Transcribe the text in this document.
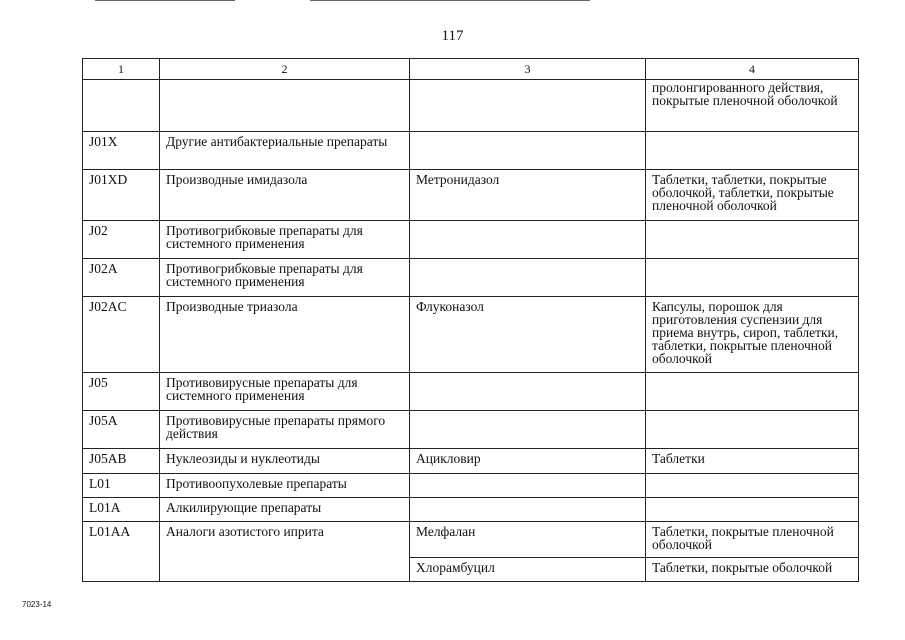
117
1	2	3	4
			пролонгированного действия, покрытые пленочной оболочкой
J01X	Другие антибактериальные препараты		
J01XD	Производные имидазола	Метронидазол	Таблетки, таблетки, покрытые оболочкой, таблетки, покрытые пленочной оболочкой
J02	Противогрибковые препараты для системного применения		
J02A	Противогрибковые препараты для системного применения		
J02AC	Производные триазола	Флуконазол	Капсулы, порошок для приготовления суспензии для приема внутрь, сироп, таблетки, таблетки, покрытые пленочной оболочкой
J05	Противовирусные препараты для системного применения		
J05A	Противовирусные препараты прямого действия		
J05AB	Нуклеозиды и нуклеотиды	Ацикловир	Таблетки
L01	Противоопухолевые препараты		
L01A	Алкилирующие препараты		
L01AA	Аналоги азотистого иприта	Мелфалан	Таблетки, покрытые пленочной оболочкой
		Хлорамбуцил	Таблетки, покрытые оболочкой
7023-14
